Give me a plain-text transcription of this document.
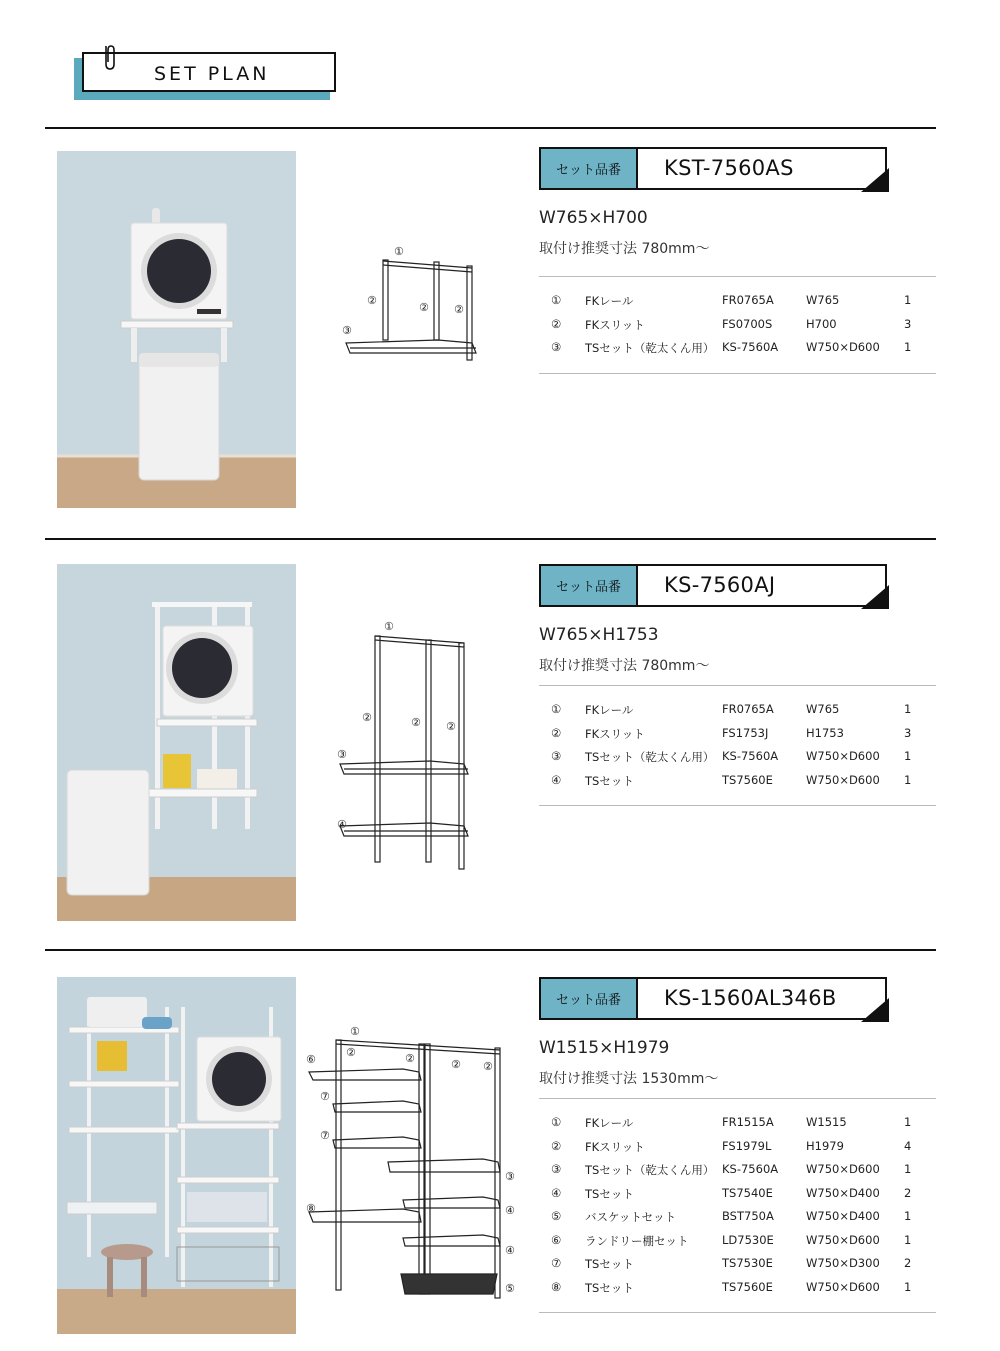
SET PLAN
①
②
② ②
③
セット品番	KST-7560AS
W765×H700
取付け推奨寸法 780mm〜
① FKレール	FR0765A	W765	1
② FKスリット	FS0700S	H700	3
③ TSセット（乾太くん用） KS-7560A W750×D600 1
①
②	② ②
③
④
セット品番	KS-7560AJ
W765×H1753
取付け推奨寸法 780mm〜
① FKレール	FR0765A	W765	1
② FKスリット	FS1753J	H1753	3
③ TSセット（乾太くん用） KS-7560A W750×D600 1
④ TSセット	TS7560E	W750×D600 1
①
②	②	② ②
⑥
⑦
⑦
⑧
③
④
④
⑤
セット品番	KS-1560AL346B
W1515×H1979
取付け推奨寸法 1530mm〜
① FKレール	FR1515A	W1515	1
② FKスリット	FS1979L	H1979	4
③ TSセット（乾太くん用） KS-7560A W750×D600 1
④ TSセット	TS7540E	W750×D400 2
⑤ バスケットセット	BST750A	W750×D400 1
⑥ ランドリー棚セット	LD7530E	W750×D600 1
⑦ TSセット	TS7530E	W750×D300 2
⑧ TSセット	TS7560E	W750×D600 1
